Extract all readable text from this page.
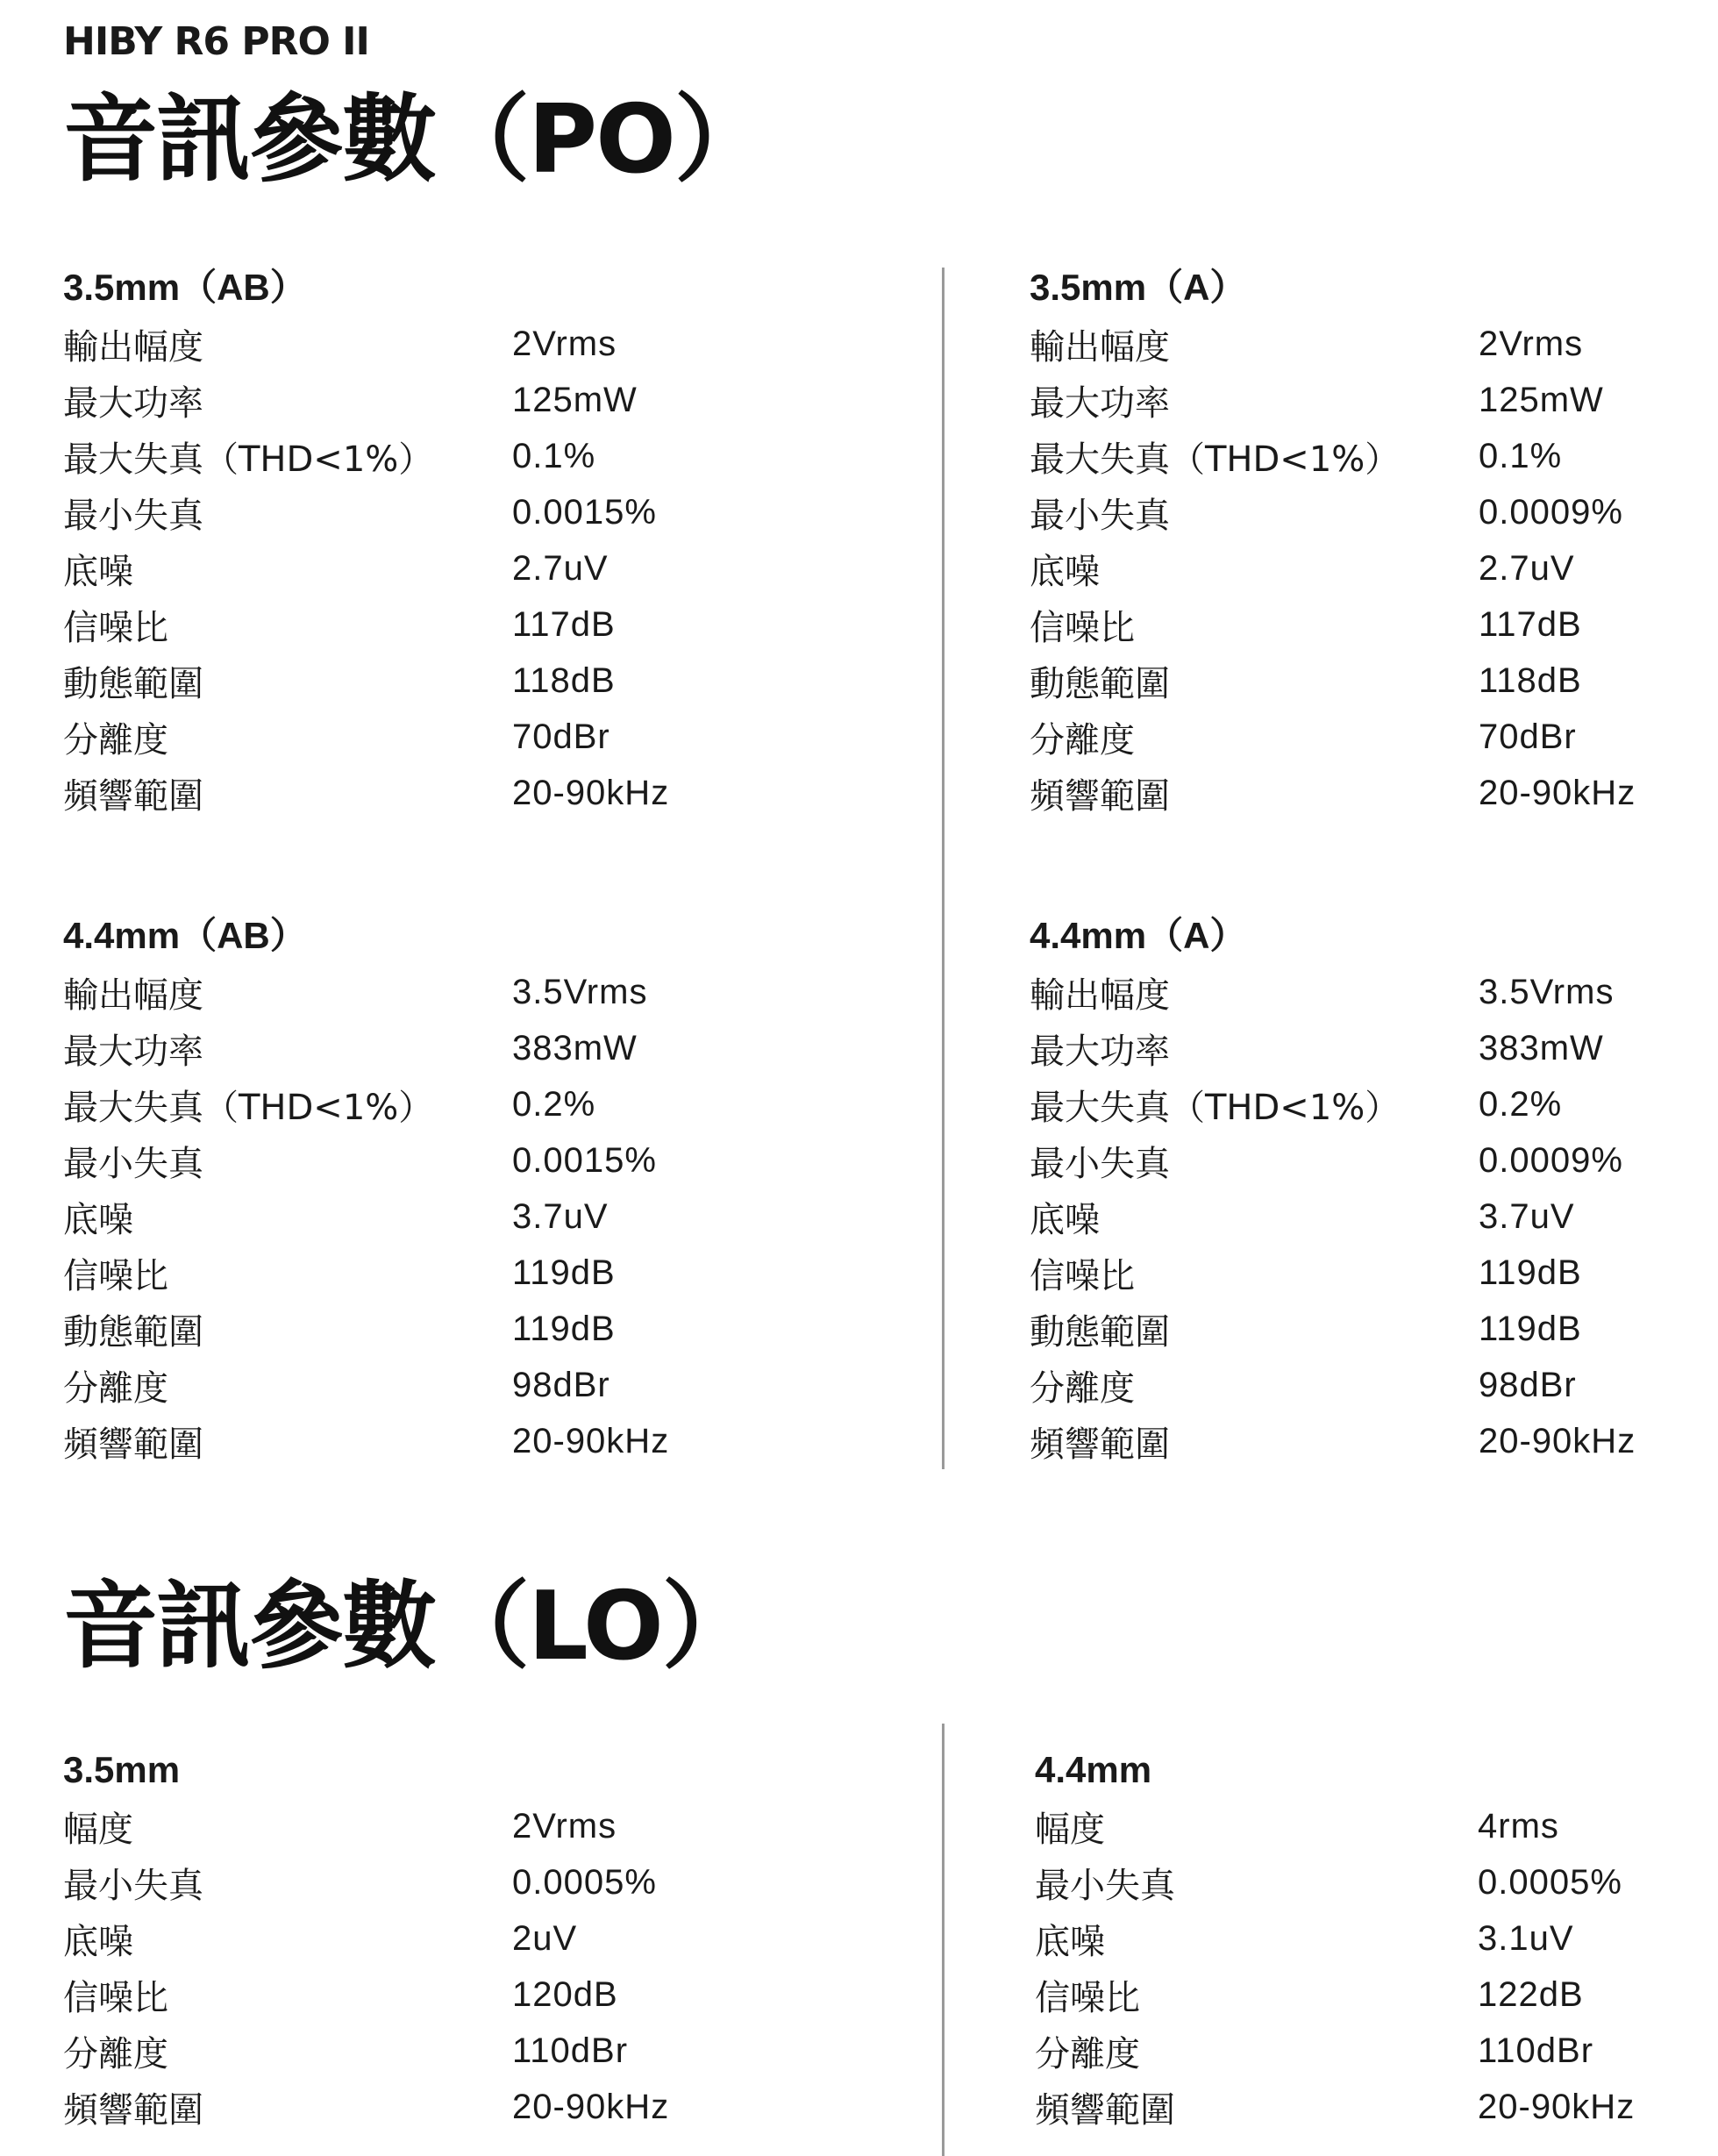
HIBY R6 PRO II
音訊參數（PO）
3.5mm（AB）
輸出幅度	2Vrms
最大功率	125mW
最大失真（THD<1%）	0.1%
最小失真	0.0015%
底噪	2.7uV
信噪比	117dB
動態範圍	118dB
分離度	70dBr
頻響範圍	20-90kHz
3.5mm（A）
輸出幅度	2Vrms
最大功率	125mW
最大失真（THD<1%）	0.1%
最小失真	0.0009%
底噪	2.7uV
信噪比	117dB
動態範圍	118dB
分離度	70dBr
頻響範圍	20-90kHz
4.4mm（AB）
輸出幅度	3.5Vrms
最大功率	383mW
最大失真（THD<1%）	0.2%
最小失真	0.0015%
底噪	3.7uV
信噪比	119dB
動態範圍	119dB
分離度	98dBr
頻響範圍	20-90kHz
4.4mm（A）
輸出幅度	3.5Vrms
最大功率	383mW
最大失真（THD<1%）	0.2%
最小失真	0.0009%
底噪	3.7uV
信噪比	119dB
動態範圍	119dB
分離度	98dBr
頻響範圍	20-90kHz
音訊參數（LO）
3.5mm
幅度	2Vrms
最小失真	0.0005%
底噪	2uV
信噪比	120dB
分離度	110dBr
頻響範圍	20-90kHz
4.4mm
幅度	4rms
最小失真	0.0005%
底噪	3.1uV
信噪比	122dB
分離度	110dBr
頻響範圍	20-90kHz
